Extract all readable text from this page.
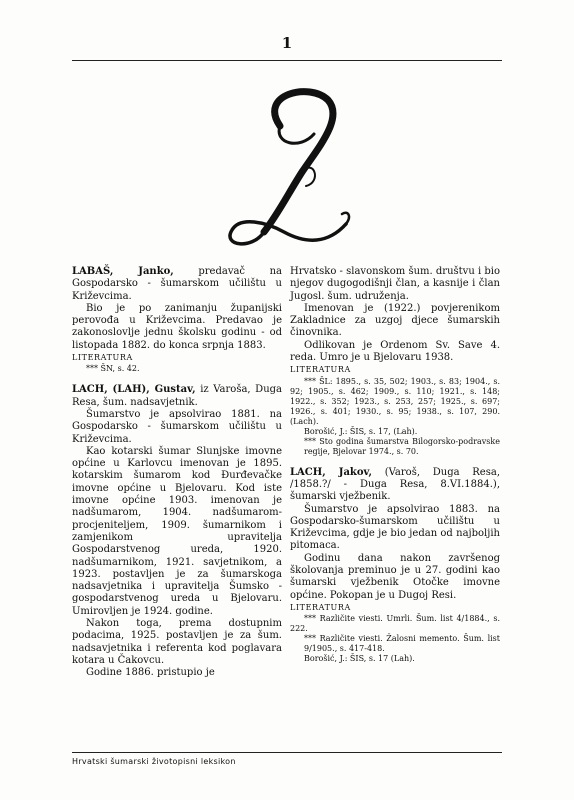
1
L

LABAŠ, Janko, predavač na Gospodarsko - šumarskom učilištu u Križevcima.

Bio je po zanimanju županijski perovođa u Križevcima. Predavao je zakonoslovlje jednu školsku godinu - od listopada 1882. do konca srpnja 1883.

LITERATURA

*** ŠN, s. 42.

LACH, (LAH), Gustav, iz Varoša, Duga Resa, šum. nadsavjetnik.

Šumarstvo je apsolvirao 1881. na Gospodarsko - šumarskom učilištu u Križevcima.

Kao kotarski šumar Slunjske imovne općine u Karlovcu imenovan je 1895. kotarskim šumarom kod Đurđevačke imovne općine u Bjelovaru. Kod iste imovne općine 1903. imenovan je nadšumarom, 1904. nadšumarom-procjeniteljem, 1909. šumarnikom i zamjenikom upravitelja Gospodarstvenog ureda, 1920. nadšumarnikom, 1921. savjetnikom, a 1923. postavljen je za šumarskoga nadsavjetnika i upravitelja Šumsko - gospodarstvenog ureda u Bjelovaru. Umirovljen je 1924. godine.

Nakon toga, prema dostupnim podacima, 1925. postavljen je za šum. nadsavjetnika i referenta kod poglavara kotara u Čakovcu.

Godine 1886. pristupio je

Hrvatsko - slavonskom šum. društvu i bio njegov dugogodišnji član, a kasnije i član Jugosl. šum. udruženja.

Imenovan je (1922.) povjerenikom Zakladnice za uzgoj djece šumarskih činovnika.

Odlikovan je Ordenom Sv. Save 4. reda. Umro je u Bjelovaru 1938.

LITERATURA

*** ŠL: 1895., s. 35, 502; 1903., s. 83; 1904., s. 92; 1905., s. 462; 1909., s. 110; 1921., s. 148; 1922., s. 352; 1923., s. 253, 257; 1925., s. 697; 1926., s. 401; 1930., s. 95; 1938., s. 107, 290. (Lach).

Borošić, J.: ŠIS, s. 17, (Lah).

*** Sto godina šumarstva Bilogorsko-podravske regije, Bjelovar 1974., s. 70.

LACH, Jakov, (Varoš, Duga Resa, /1858.?/ - Duga Resa, 8.VI.1884.), šumarski vježbenik.

Šumarstvo je apsolvirao 1883. na Gospodarsko-šumarskom učilištu u Križevcima, gdje je bio jedan od najboljih pitomaca.

Godinu dana nakon završenog školovanja preminuo je u 27. godini kao šumarski vježbenik Otočke imovne općine. Pokopan je u Dugoj Resi.

LITERATURA

*** Različite viesti. Umrli. Šum. list 4/1884., s. 222.

*** Različite viesti. Žalosni memento. Šum. list 9/1905., s. 417-418.

Borošić, J.: ŠIS, s. 17 (Lah).

Hrvatski šumarski životopisni leksikon
